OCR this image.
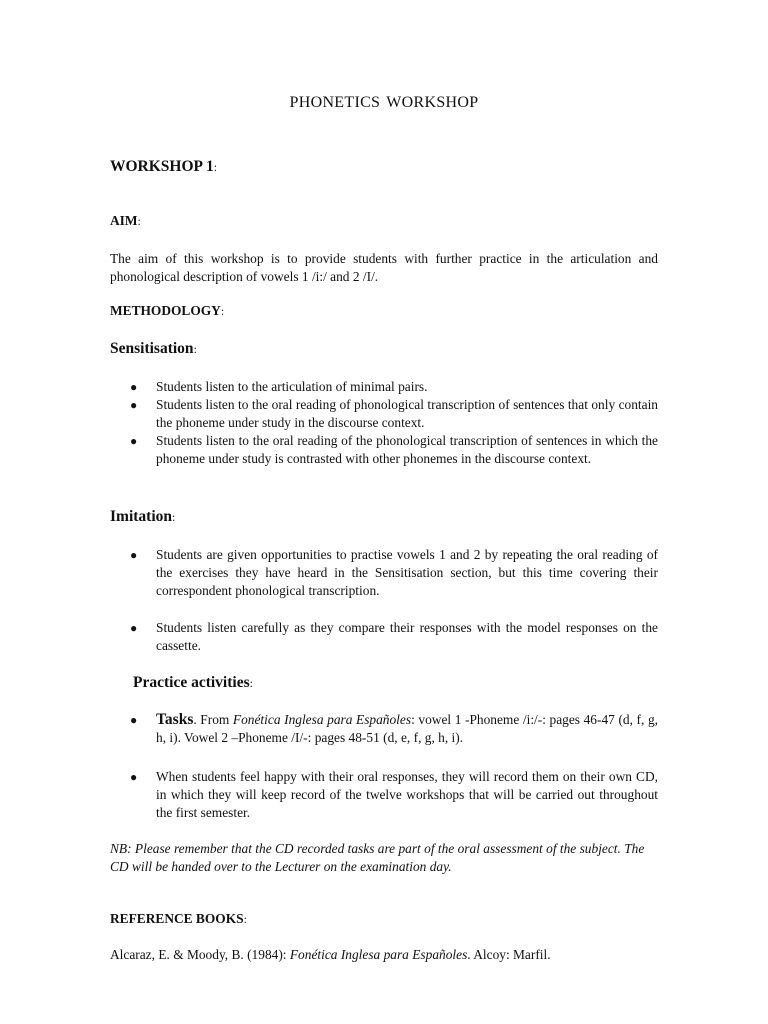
PHONETICS WORKSHOP
WORKSHOP 1:
AIM:

The aim of this workshop is to provide students with further practice in the articulation and phonological description of vowels 1 /i:/ and 2 /I/.

METHODOLOGY:
Sensitisation:
● Students listen to the articulation of minimal pairs.
● Students listen to the oral reading of phonological transcription of sentences that only contain the phoneme under study in the discourse context.
● Students listen to the oral reading of the phonological transcription of sentences in which the phoneme under study is contrasted with other phonemes in the discourse context.
Imitation:
● Students are given opportunities to practise vowels 1 and 2 by repeating the oral reading of the exercises they have heard in the Sensitisation section, but this time covering their correspondent phonological transcription.
● Students listen carefully as they compare their responses with the model responses on the cassette.
Practice activities:
● Tasks. From Fonética Inglesa para Españoles: vowel 1 -Phoneme /i:/-: pages 46-47 (d, f, g, h, i). Vowel 2 –Phoneme /I/-: pages 48-51 (d, e, f, g, h, i).
● When students feel happy with their oral responses, they will record them on their own CD, in which they will keep record of the twelve workshops that will be carried out throughout the first semester.

NB: Please remember that the CD recorded tasks are part of the oral assessment of the subject. The CD will be handed over to the Lecturer on the examination day.

REFERENCE BOOKS:

Alcaraz, E. & Moody, B. (1984): Fonética Inglesa para Españoles. Alcoy: Marfil.
